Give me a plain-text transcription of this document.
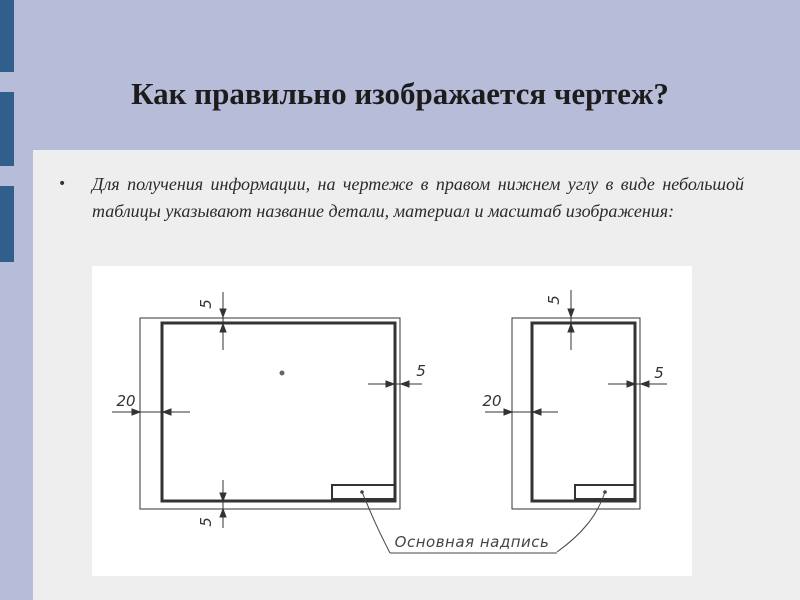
Как правильно изображается чертеж?
• Для получения информации, на чертеже в правом нижнем углу в виде небольшой таблицы указывают название детали, материал и масштаб изображения:
5
5
5
20
5
5
20
Основная надпись
